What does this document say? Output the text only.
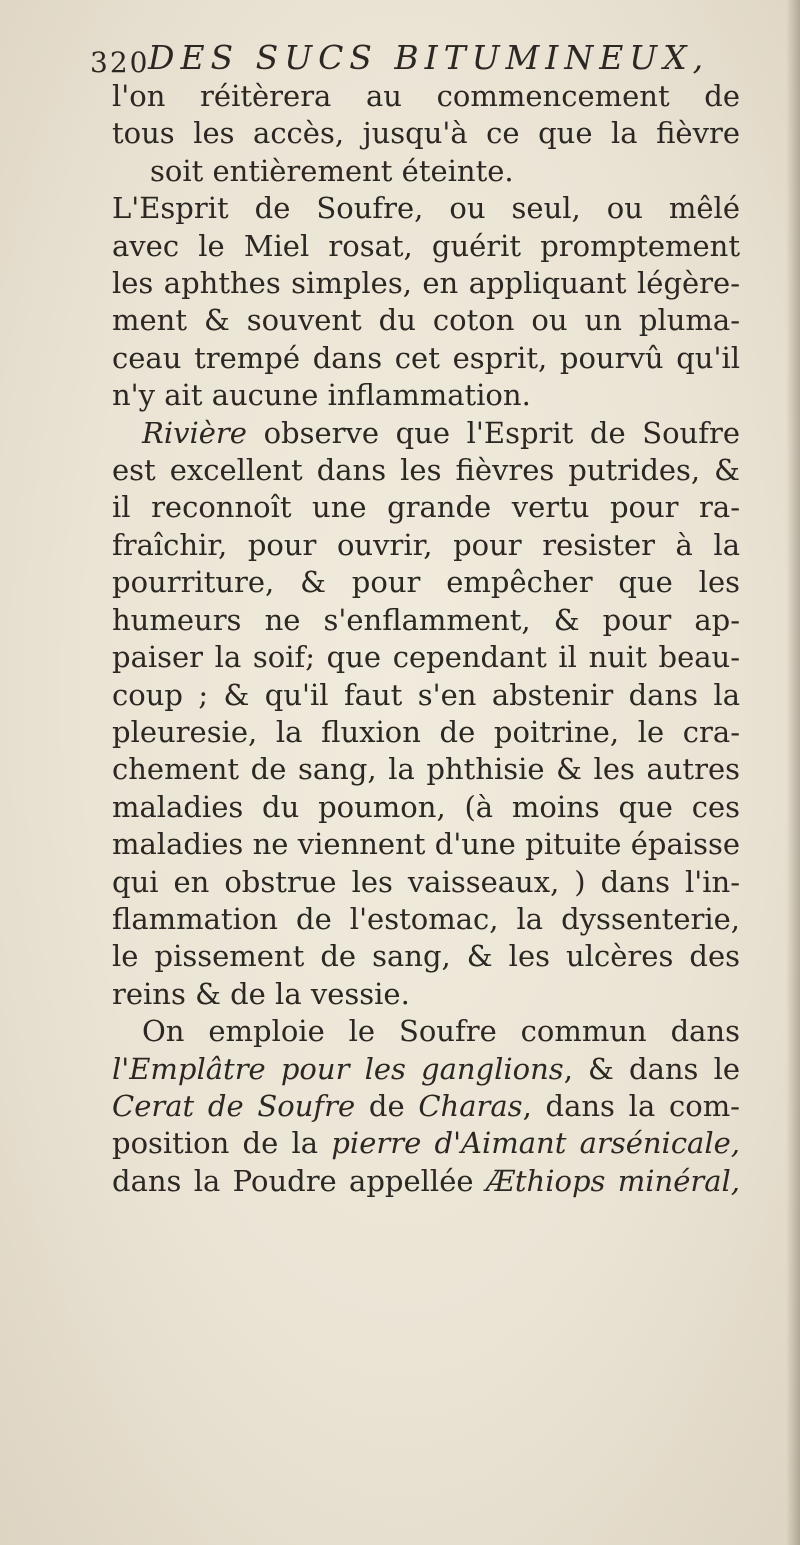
320
DES SUCS BITUMINEUX,
l'on réitèrera au commencement de
tous les accès, jusqu'à ce que la fièvre
soit entièrement éteinte.
L'Esprit de Soufre, ou seul, ou mêlé
avec le Miel rosat, guérit promptement
les aphthes simples, en appliquant légère-
ment & souvent du coton ou un pluma-
ceau trempé dans cet esprit, pourvû qu'il
n'y ait aucune inflammation.
Rivière observe que l'Esprit de Soufre
est excellent dans les fièvres putrides, &
il reconnoît une grande vertu pour ra-
fraîchir, pour ouvrir, pour resister à la
pourriture, & pour empêcher que les
humeurs ne s'enflamment, & pour ap-
paiser la soif; que cependant il nuit beau-
coup ; & qu'il faut s'en abstenir dans la
pleuresie, la fluxion de poitrine, le cra-
chement de sang, la phthisie & les autres
maladies du poumon, (à moins que ces
maladies ne viennent d'une pituite épaisse
qui en obstrue les vaisseaux, ) dans l'in-
flammation de l'estomac, la dyssenterie,
le pissement de sang, & les ulcères des
reins & de la vessie.
On emploie le Soufre commun dans
l'Emplâtre pour les ganglions, & dans le
Cerat de Soufre de Charas, dans la com-
position de la pierre d'Aimant arsénicale,
dans la Poudre appellée Æthiops minéral,
